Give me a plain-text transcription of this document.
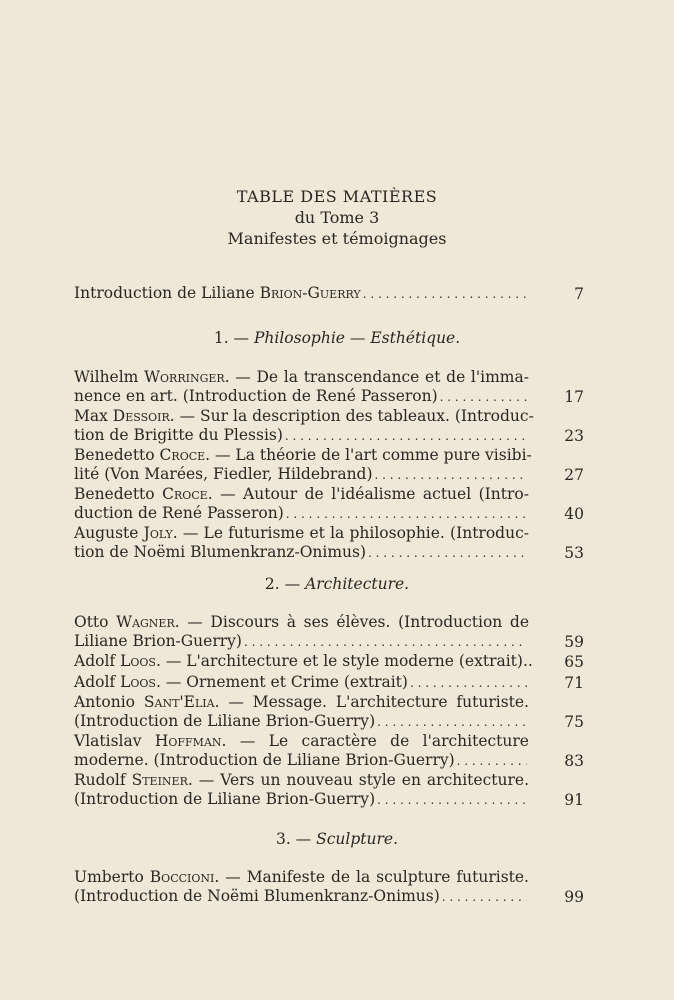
TABLE DES MATIÈRES
du Tome 3
Manifestes et témoignages
Introduction de Liliane Brion-Guerry . . .	7
1. — Philosophie — Esthétique.
Wilhelm Worringer. — De la transcendance et de l'imma-
nence en art. (Introduction de René Passeron) . . .	17
Max Dessoir. — Sur la description des tableaux. (Introduc-
tion de Brigitte du Plessis) . . .	23
Benedetto Croce. — La théorie de l'art comme pure visibi-
lité (Von Marées, Fiedler, Hildebrand) . . .	27
Benedetto Croce. — Autour de l'idéalisme actuel (Intro-
duction de René Passeron) . . .	40
Auguste Joly. — Le futurisme et la philosophie. (Introduc-
tion de Noëmi Blumenkranz-Onimus) . . .	53
2. — Architecture.
Otto Wagner. — Discours à ses élèves. (Introduction de
Liliane Brion-Guerry) . . .	59
Adolf Loos. — L'architecture et le style moderne (extrait)..	65
Adolf Loos. — Ornement et Crime (extrait) . . .	71
Antonio Sant'Elia. — Message. L'architecture futuriste.
(Introduction de Liliane Brion-Guerry) . . .	75
Vlatislav Hoffman. — Le caractère de l'architecture
moderne. (Introduction de Liliane Brion-Guerry) . . .	83
Rudolf Steiner. — Vers un nouveau style en architecture.
(Introduction de Liliane Brion-Guerry) . . .	91
3. — Sculpture.
Umberto Boccioni. — Manifeste de la sculpture futuriste.
(Introduction de Noëmi Blumenkranz-Onimus) . . .	99
